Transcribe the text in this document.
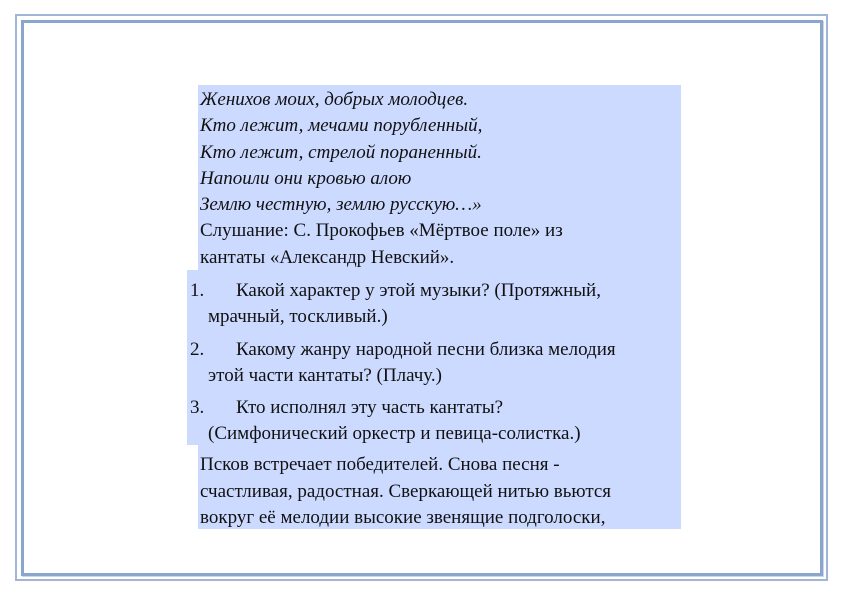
Женихов моих, добрых молодцев.
Кто лежит, мечами порубленный,
Кто лежит, стрелой пораненный.
Напоили они кровью алою
Землю честную, землю русскую…»
Слушание: С. Прокофьев «Мёртвое поле» из
кантаты «Александр Невский».
1. Какой характер у этой музыки? (Протяжный,
мрачный, тоскливый.)
2. Какому жанру народной песни близка мелодия
этой части кантаты? (Плачу.)
3. Кто исполнял эту часть кантаты?
(Симфонический оркестр и певица-солистка.)
Псков встречает победителей. Снова песня -
счастливая, радостная. Сверкающей нитью вьются
вокруг её мелодии высокие звенящие подголоски,
